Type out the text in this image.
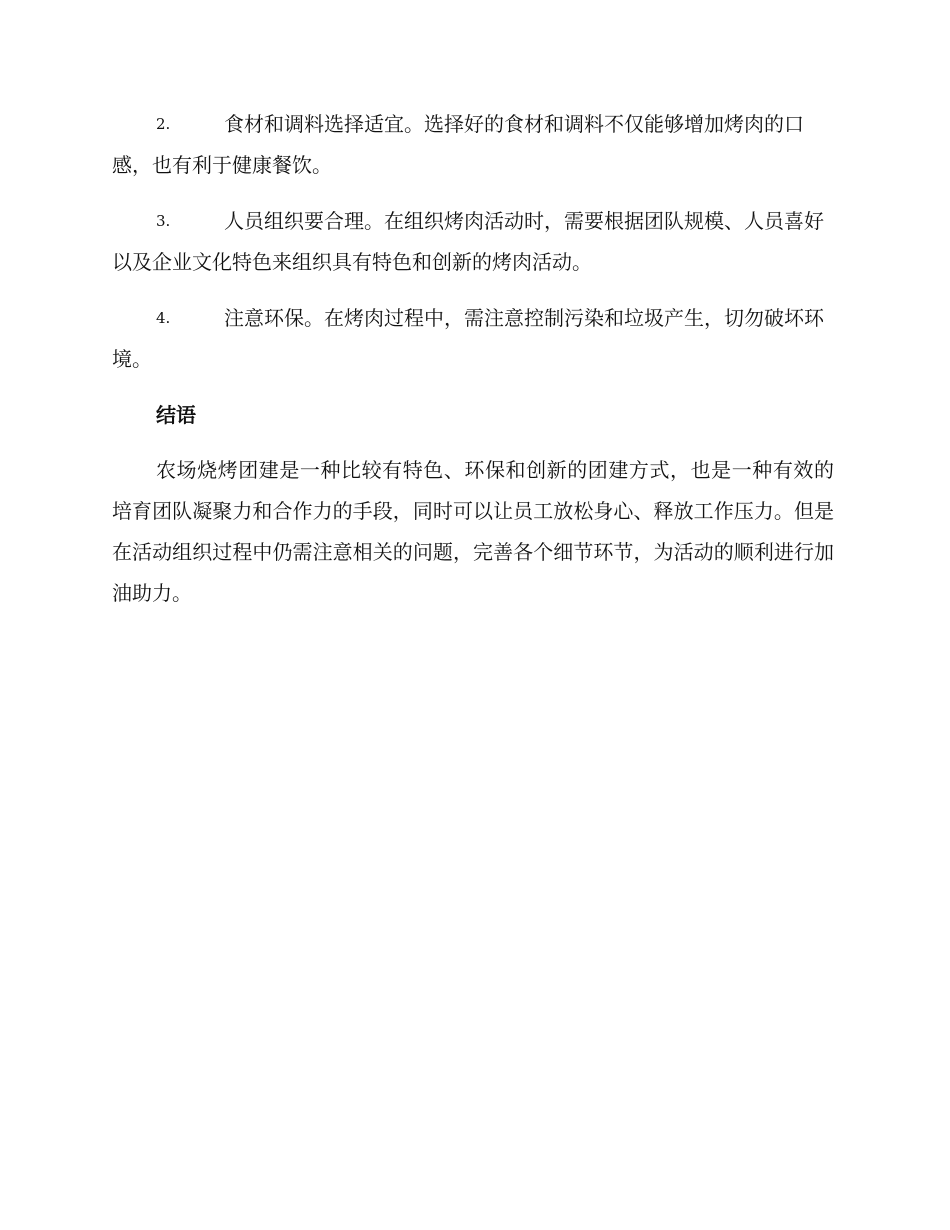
2.	食材和调料选择适宜。选择好的食材和调料不仅能够增加烤肉的口感，也有利于健康餐饮。
3.	人员组织要合理。在组织烤肉活动时，需要根据团队规模、人员喜好以及企业文化特色来组织具有特色和创新的烤肉活动。
4.	注意环保。在烤肉过程中，需注意控制污染和垃圾产生，切勿破坏环境。
结语

农场烧烤团建是一种比较有特色、环保和创新的团建方式，也是一种有效的培育团队凝聚力和合作力的手段，同时可以让员工放松身心、释放工作压力。但是在活动组织过程中仍需注意相关的问题，完善各个细节环节，为活动的顺利进行加油助力。
